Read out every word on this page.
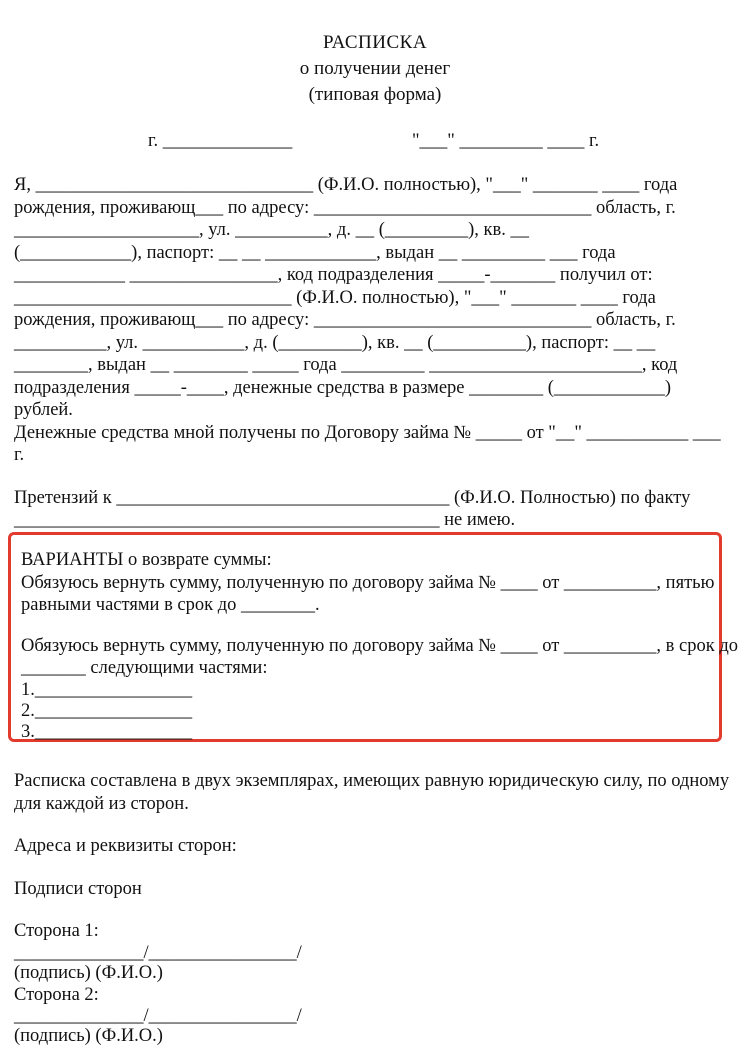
РАСПИСКА
о получении денег
(типовая форма)
г. ______________	"___" _________ ____ г.
Я, ______________________________ (Ф.И.О. полностью), "___" _______ ____ года
рождения, проживающ___ по адресу: ______________________________ область, г.
____________________, ул. __________, д. __ (_________), кв. __
(____________), паспорт: __ __ ____________, выдан __ _________ ___ года
____________ ________________, код подразделения _____-_______ получил от:
______________________________ (Ф.И.О. полностью), "___" _______ ____ года
рождения, проживающ___ по адресу: ______________________________ область, г.
__________, ул. ___________, д. (_________), кв. __ (__________), паспорт: __ __
________, выдан __ ________ _____ года _________ _______________________, код
подразделения _____-____, денежные средства в размере ________ (____________)
рублей.
Денежные средства мной получены по Договору займа № _____ от "__" ___________ ___
г.
Претензий к ____________________________________ (Ф.И.О. Полностью) по факту
______________________________________________ не имею.
ВАРИАНТЫ о возврате суммы:
Обязуюсь вернуть сумму, полученную по договору займа № ____ от __________, пятью
равными частями в срок до ________.
Обязуюсь вернуть сумму, полученную по договору займа № ____ от __________, в срок до
_______ следующими частями:
1._________________
2._________________
3._________________
Расписка составлена в двух экземплярах, имеющих равную юридическую силу, по одному
для каждой из сторон.
Адреса и реквизиты сторон:
Подписи сторон
Сторона 1:
______________/________________/
(подпись) (Ф.И.О.)
Сторона 2:
______________/________________/
(подпись) (Ф.И.О.)
